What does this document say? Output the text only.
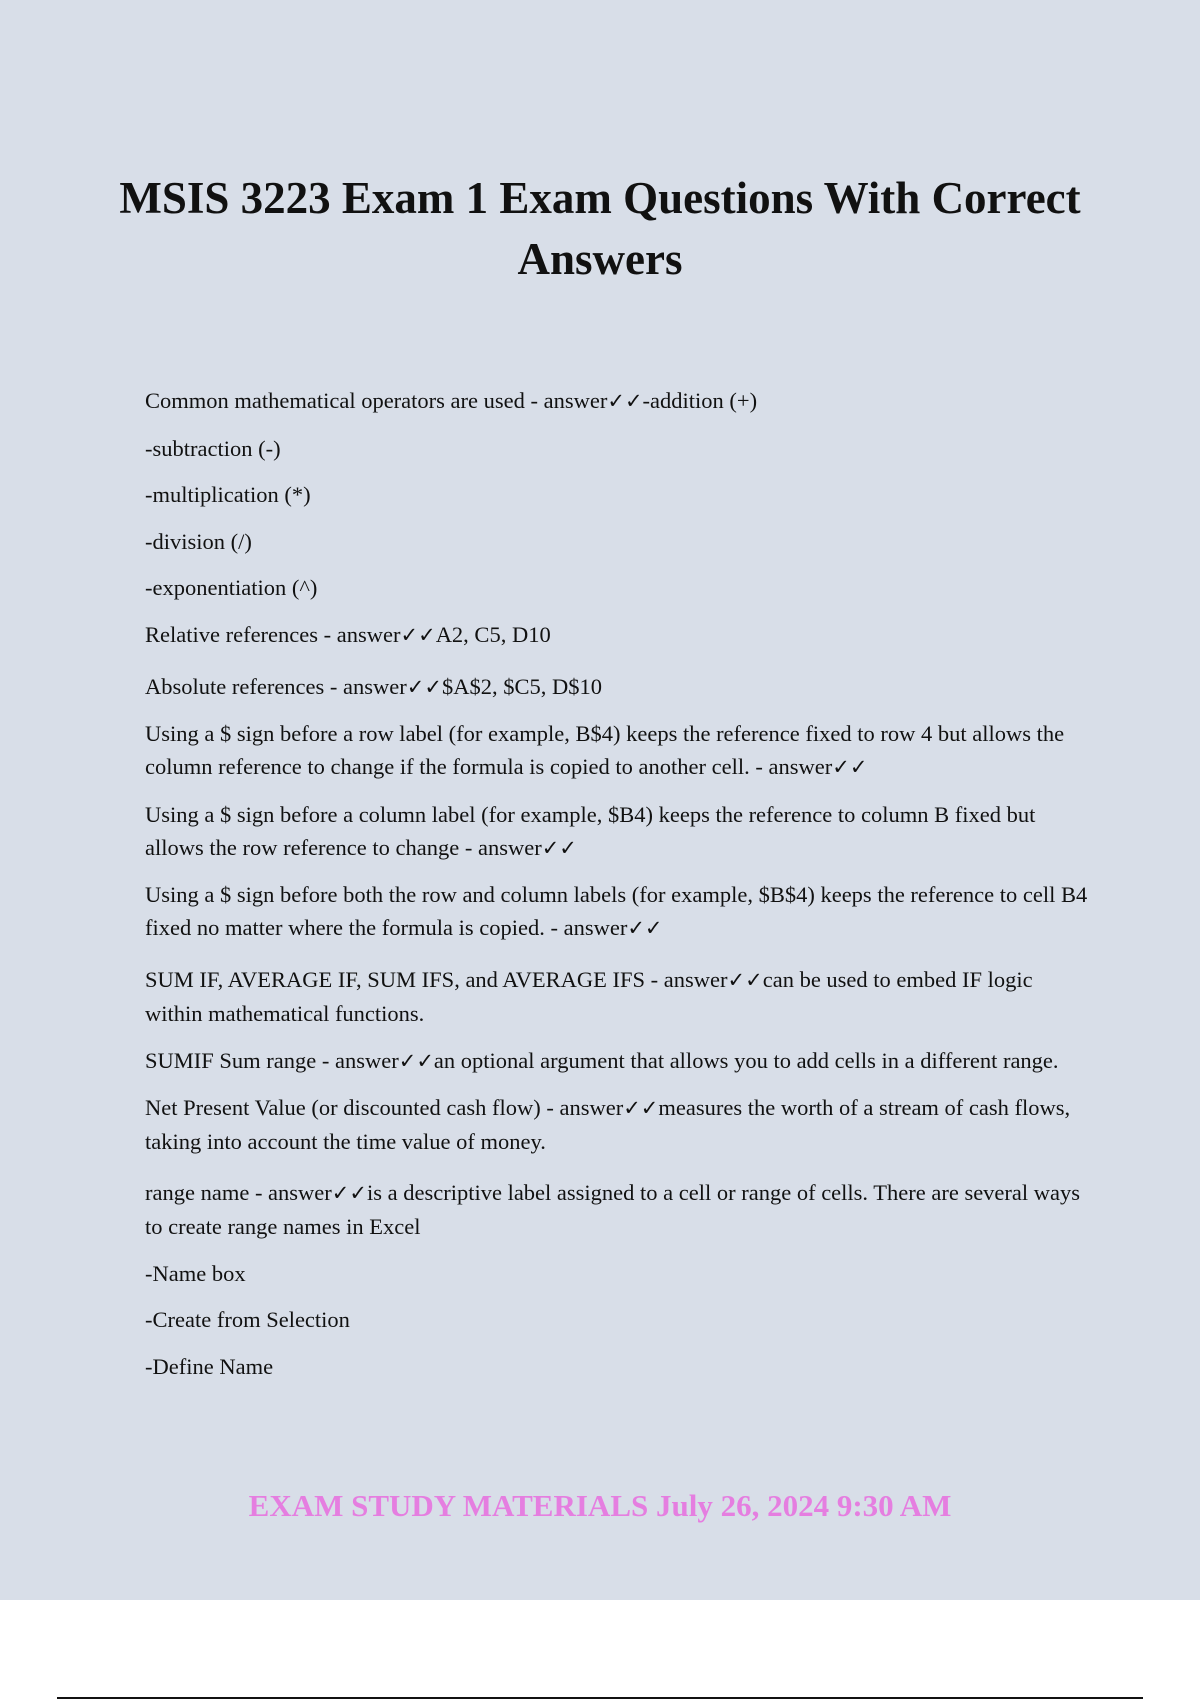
MSIS 3223 Exam 1 Exam Questions With Correct Answers

Common mathematical operators are used - answer✓✓-addition (+)

-subtraction (-)

-multiplication (*)

-division (/)

-exponentiation (^)

Relative references - answer✓✓A2, C5, D10

Absolute references - answer✓✓$A$2, $C5, D$10

Using a $ sign before a row label (for example, B$4) keeps the reference fixed to row 4 but allows the column reference to change if the formula is copied to another cell. - answer✓✓

Using a $ sign before a column label (for example, $B4) keeps the reference to column B fixed but allows the row reference to change - answer✓✓

Using a $ sign before both the row and column labels (for example, $B$4) keeps the reference to cell B4 fixed no matter where the formula is copied. - answer✓✓

SUM IF, AVERAGE IF, SUM IFS, and AVERAGE IFS - answer✓✓can be used to embed IF logic within mathematical functions.

SUMIF Sum range - answer✓✓an optional argument that allows you to add cells in a different range.

Net Present Value (or discounted cash flow) - answer✓✓measures the worth of a stream of cash flows, taking into account the time value of money.

range name - answer✓✓is a descriptive label assigned to a cell or range of cells. There are several ways to create range names in Excel

-Name box

-Create from Selection

-Define Name

EXAM STUDY MATERIALS July 26, 2024 9:30 AM
